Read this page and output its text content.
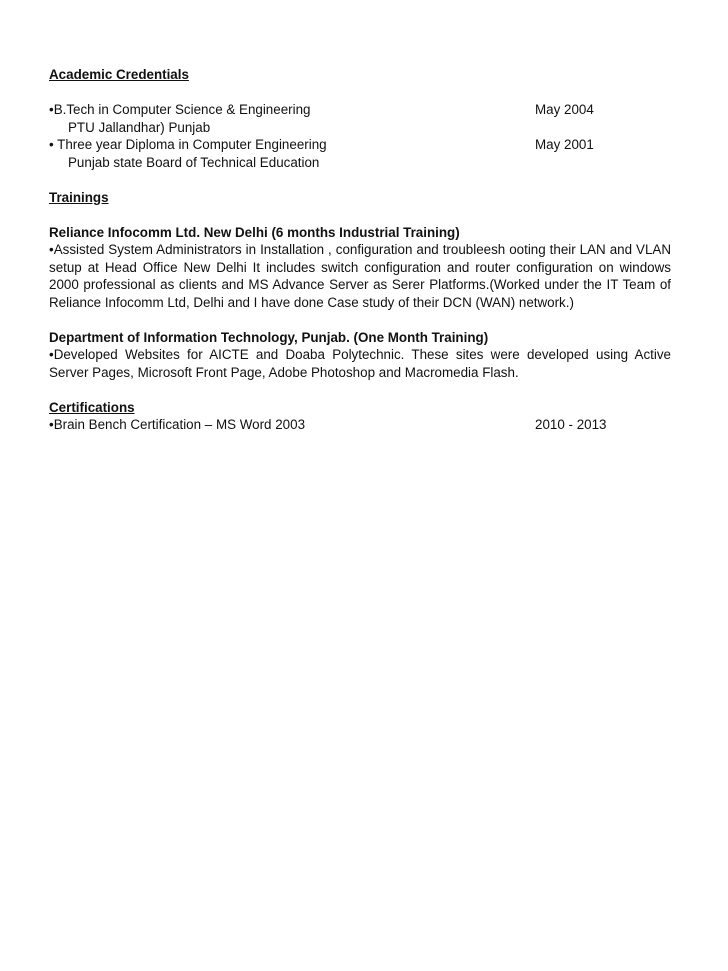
Academic Credentials
•B.Tech in Computer Science & Engineering	May 2004
PTU Jallandhar) Punjab
• Three year Diploma in Computer Engineering	May 2001
Punjab state Board of Technical Education
Trainings
Reliance Infocomm Ltd. New Delhi (6 months Industrial Training)
•Assisted System Administrators in Installation , configuration and troubleesh ooting their LAN and VLAN setup at Head Office New Delhi It includes switch configuration and router configuration on windows 2000 professional as clients and MS Advance Server as Serer Platforms.(Worked under the IT Team of Reliance Infocomm Ltd, Delhi and I have done Case study of their DCN (WAN) network.)
Department of Information Technology, Punjab. (One Month Training)
•Developed Websites for AICTE and Doaba Polytechnic. These sites were developed using Active Server Pages, Microsoft Front Page, Adobe Photoshop and Macromedia Flash.
Certifications
•Brain Bench Certification – MS Word 2003	2010 - 2013
